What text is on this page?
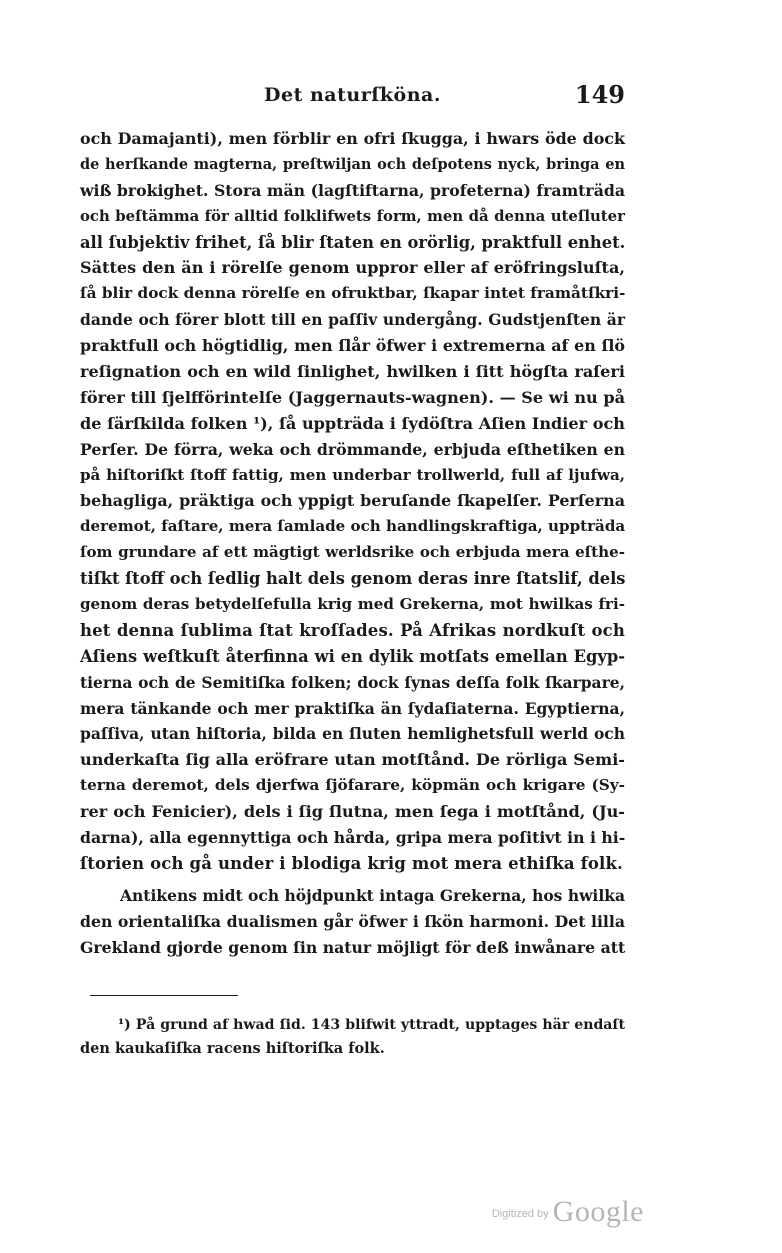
Det naturſköna.	149
och Damajanti), men förblir en ofri ſkugga, i hwars öde dock
de herſkande magterna, preſtwiljan och deſpotens nyck, bringa en
wiß brokighet. Stora män (lagſtiftarna, profeterna) framträda
och beſtämma för alltid folklifwets form, men då denna uteſluter
all ſubjektiv frihet, ſå blir ſtaten en orörlig, praktfull enhet.
Sättes den än i rörelſe genom uppror eller af eröfringsluſta,
ſå blir dock denna rörelſe en ofruktbar, ſkapar intet framåtſkri-
dande och förer blott till en paſſiv undergång. Gudstjenſten är
praktfull och högtidlig, men ſlår öfwer i extremerna af en ſlö
reſignation och en wild ſinlighet, hwilken i ſitt högſta raſeri
förer till ſjelfförintelſe (Jaggernauts-wagnen). — Se wi nu på
de ſärſkilda folken ¹), ſå uppträda i ſydöſtra Aſien Indier och
Perſer. De förra, weka och drömmande, erbjuda eſthetiken en
på hiſtoriſkt ſtoff fattig, men underbar trollwerld, full af ljufwa,
behagliga, präktiga och yppigt beruſande ſkapelſer. Perſerna
deremot, faſtare, mera ſamlade och handlingskraftiga, uppträda
ſom grundare af ett mägtigt werldsrike och erbjuda mera eſthe-
tiſkt ſtoff och ſedlig halt dels genom deras inre ſtatslif, dels
genom deras betydelſefulla krig med Grekerna, mot hwilkas fri-
het denna ſublima ſtat kroſſades. På Afrikas nordkuſt och
Aſiens weſtkuſt återfinna wi en dylik motſats emellan Egyp-
tierna och de Semitiſka folken; dock ſynas deſſa folk ſkarpare,
mera tänkande och mer praktiſka än ſydaſiaterna. Egyptierna,
paſſiva, utan hiſtoria, bilda en ſluten hemlighetsfull werld och
underkaſta ſig alla eröfrare utan motſtånd. De rörliga Semi-
terna deremot, dels djerfwa ſjöfarare, köpmän och krigare (Sy-
rer och Fenicier), dels i ſig ſlutna, men ſega i motſtånd, (Ju-
darna), alla egennyttiga och hårda, gripa mera poſitivt in i hi-
ſtorien och gå under i blodiga krig mot mera ethiſka folk.
Antikens midt och höjdpunkt intaga Grekerna, hos hwilka
den orientaliſka dualismen går öfwer i ſkön harmoni. Det lilla
Grekland gjorde genom ſin natur möjligt för deß inwånare att
¹) På grund af hwad ſid. 143 blifwit yttradt, upptages här endaſt
den kaukaſiſka racens hiſtoriſka folk.
Digitized by Google
